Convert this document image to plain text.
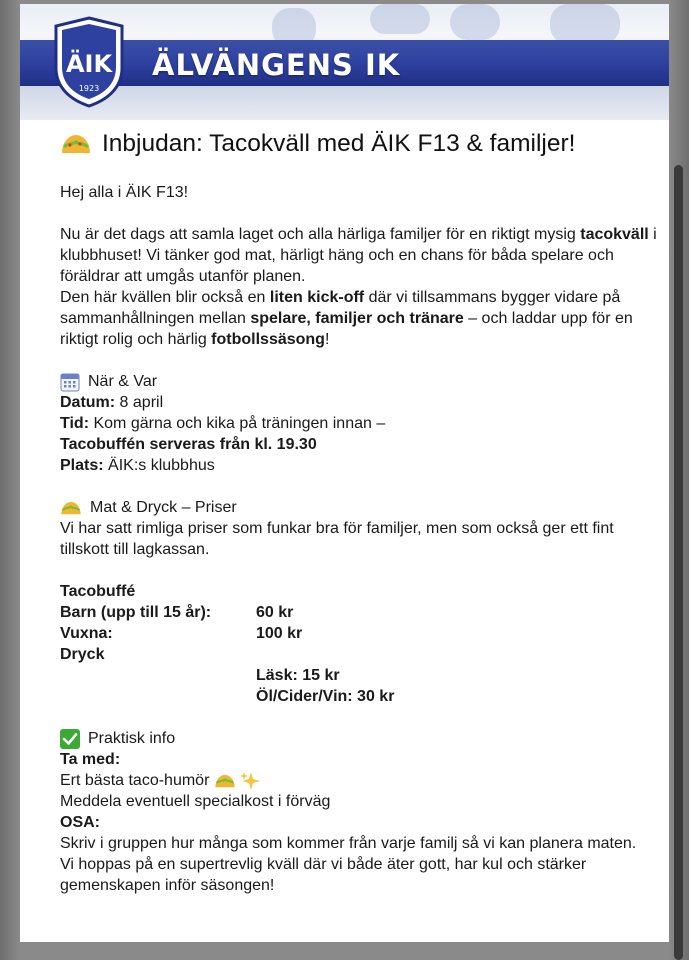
ÄIK
1923
ÄLVÄNGENS IK
Inbjudan: Tacokväll med ÄIK F13 & familjer!

Hej alla i ÄIK F13!

Nu är det dags att samla laget och alla härliga familjer för en riktigt mysig tacokväll i klubbhuset! Vi tänker god mat, härligt häng och en chans för båda spelare och föräldrar att umgås utanför planen.

Den här kvällen blir också en liten kick-off där vi tillsammans bygger vidare på sammanhållningen mellan spelare, familjer och tränare – och laddar upp för en riktigt rolig och härlig fotbollssäsong!

När & Var

Datum: 8 april

Tid: Kom gärna och kika på träningen innan –

Tacobuffén serveras från kl. 19.30

Plats: ÄIK:s klubbhus

Mat & Dryck – Priser

Vi har satt rimliga priser som funkar bra för familjer, men som också ger ett fint tillskott till lagkassan.

Tacobuffé

Barn (upp till 15 år):	60 kr
Vuxna:	100 kr

Dryck

Läsk: 15 kr
Öl/Cider/Vin: 30 kr
Praktisk info

Ta med:

Ert bästa taco-humör

Meddela eventuell specialkost i förväg

OSA:

Skriv i gruppen hur många som kommer från varje familj så vi kan planera maten.

Vi hoppas på en supertrevlig kväll där vi både äter gott, har kul och stärker gemenskapen inför säsongen!
